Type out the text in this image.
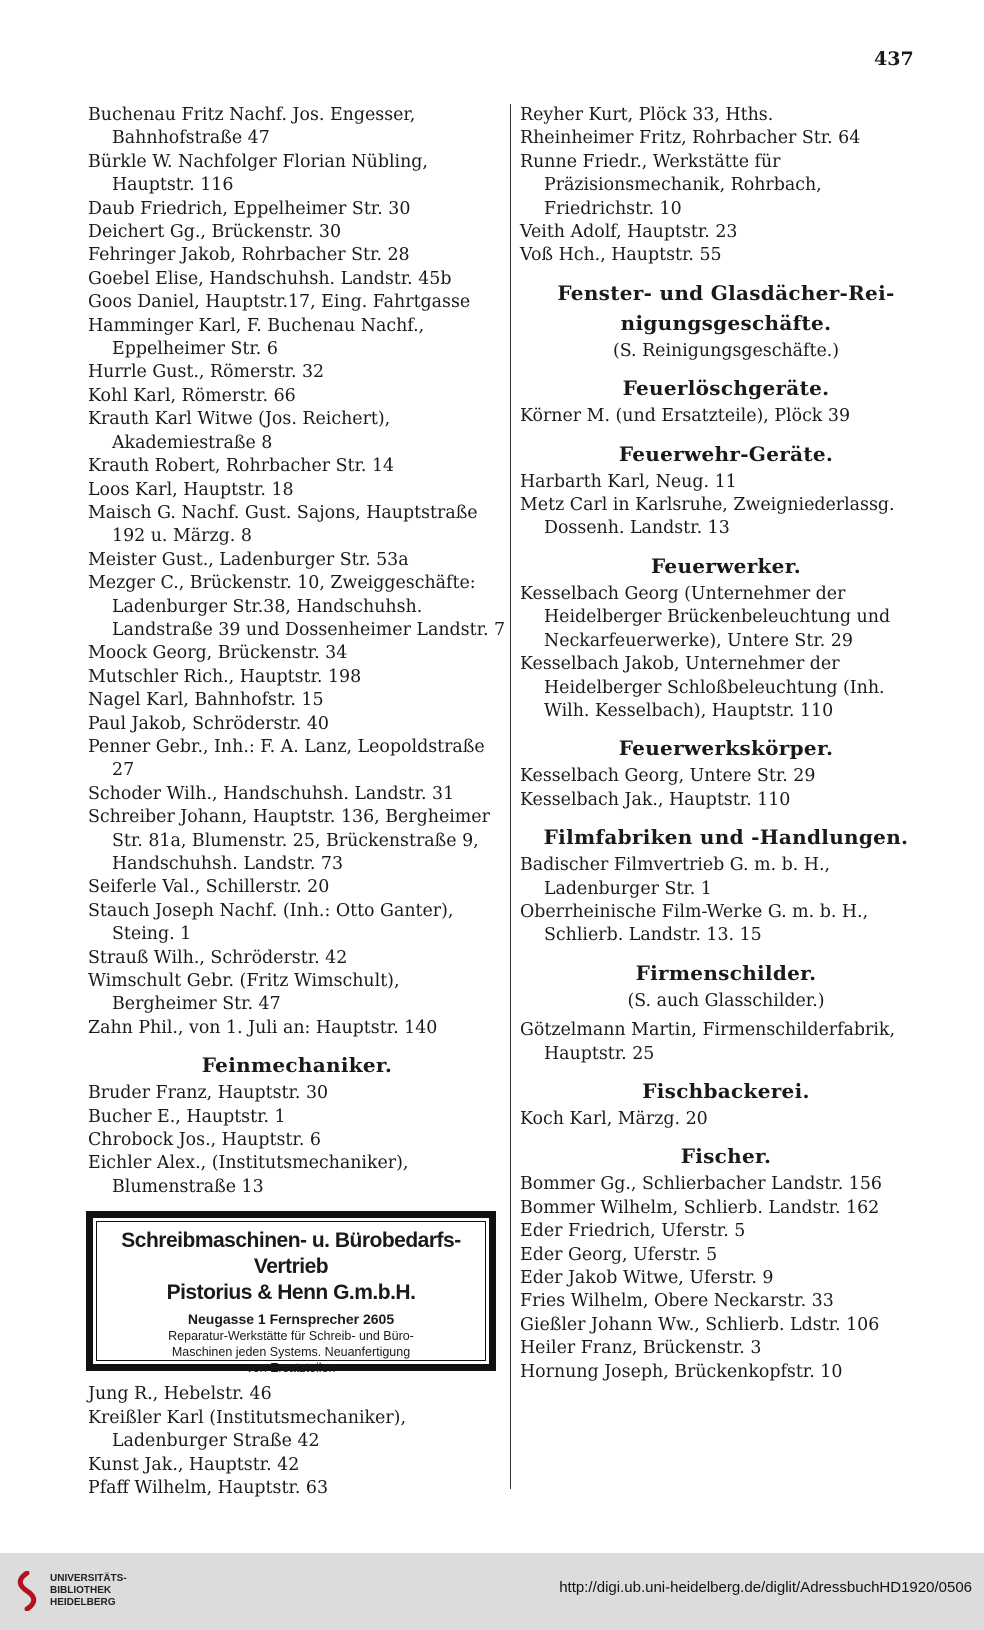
437
Buchenau Fritz Nachf. Jos. Engesser, Bahnhofstraße 47
Bürkle W. Nachfolger Florian Nübling, Hauptstr. 116
Daub Friedrich, Eppelheimer Str. 30
Deichert Gg., Brückenstr. 30
Fehringer Jakob, Rohrbacher Str. 28
Goebel Elise, Handschuhsh. Landstr. 45b
Goos Daniel, Hauptstr.17, Eing. Fahrtgasse
Hamminger Karl, F. Buchenau Nachf., Eppelheimer Str. 6
Hurrle Gust., Römerstr. 32
Kohl Karl, Römerstr. 66
Krauth Karl Witwe (Jos. Reichert), Akademiestraße 8
Krauth Robert, Rohrbacher Str. 14
Loos Karl, Hauptstr. 18
Maisch G. Nachf. Gust. Sajons, Hauptstraße 192 u. Märzg. 8
Meister Gust., Ladenburger Str. 53a
Mezger C., Brückenstr. 10, Zweiggeschäfte: Ladenburger Str.38, Handschuhsh. Landstraße 39 und Dossenheimer Landstr. 7
Moock Georg, Brückenstr. 34
Mutschler Rich., Hauptstr. 198
Nagel Karl, Bahnhofstr. 15
Paul Jakob, Schröderstr. 40
Penner Gebr., Inh.: F. A. Lanz, Leopoldstraße 27
Schoder Wilh., Handschuhsh. Landstr. 31
Schreiber Johann, Hauptstr. 136, Bergheimer Str. 81a, Blumenstr. 25, Brückenstraße 9, Handschuhsh. Landstr. 73
Seiferle Val., Schillerstr. 20
Stauch Joseph Nachf. (Inh.: Otto Ganter), Steing. 1
Strauß Wilh., Schröderstr. 42
Wimschult Gebr. (Fritz Wimschult), Bergheimer Str. 47
Zahn Phil., von 1. Juli an: Hauptstr. 140
Feinmechaniker.
Bruder Franz, Hauptstr. 30
Bucher E., Hauptstr. 1
Chrobock Jos., Hauptstr. 6
Eichler Alex., (Institutsmechaniker), Blumenstraße 13
Schreibmaschinen- u. Bürobedarfs-Vertrieb
Pistorius & Henn G.m.b.H.
Neugasse 1 Fernsprecher 2605
Reparatur-Werkstätte für Schreib- und Büro-
Maschinen jeden Systems. Neuanfertigung
von Ersatzteilen
Jung R., Hebelstr. 46
Kreißler Karl (Institutsmechaniker), Ladenburger Straße 42
Kunst Jak., Hauptstr. 42
Pfaff Wilhelm, Hauptstr. 63
Reyher Kurt, Plöck 33, Hths.
Rheinheimer Fritz, Rohrbacher Str. 64
Runne Friedr., Werkstätte für Präzisionsmechanik, Rohrbach, Friedrichstr. 10
Veith Adolf, Hauptstr. 23
Voß Hch., Hauptstr. 55
Fenster- und Glasdächer-Rei-
nigungsgeschäfte.
(S. Reinigungsgeschäfte.)
Feuerlöschgeräte.
Körner M. (und Ersatzteile), Plöck 39
Feuerwehr-Geräte.
Harbarth Karl, Neug. 11
Metz Carl in Karlsruhe, Zweigniederlassg. Dossenh. Landstr. 13
Feuerwerker.
Kesselbach Georg (Unternehmer der Heidelberger Brückenbeleuchtung und Neckarfeuerwerke), Untere Str. 29
Kesselbach Jakob, Unternehmer der Heidelberger Schloßbeleuchtung (Inh. Wilh. Kesselbach), Hauptstr. 110
Feuerwerkskörper.
Kesselbach Georg, Untere Str. 29
Kesselbach Jak., Hauptstr. 110
Filmfabriken und -Handlungen.
Badischer Filmvertrieb G. m. b. H., Ladenburger Str. 1
Oberrheinische Film-Werke G. m. b. H., Schlierb. Landstr. 13. 15
Firmenschilder.
(S. auch Glasschilder.)
Götzelmann Martin, Firmenschilderfabrik, Hauptstr. 25
Fischbackerei.
Koch Karl, Märzg. 20
Fischer.
Bommer Gg., Schlierbacher Landstr. 156
Bommer Wilhelm, Schlierb. Landstr. 162
Eder Friedrich, Uferstr. 5
Eder Georg, Uferstr. 5
Eder Jakob Witwe, Uferstr. 9
Fries Wilhelm, Obere Neckarstr. 33
Gießler Johann Ww., Schlierb. Ldstr. 106
Heiler Franz, Brückenstr. 3
Hornung Joseph, Brückenkopfstr. 10
UNIVERSITÄTS-
BIBLIOTHEK
HEIDELBERG
http://digi.ub.uni-heidelberg.de/diglit/AdressbuchHD1920/0506
